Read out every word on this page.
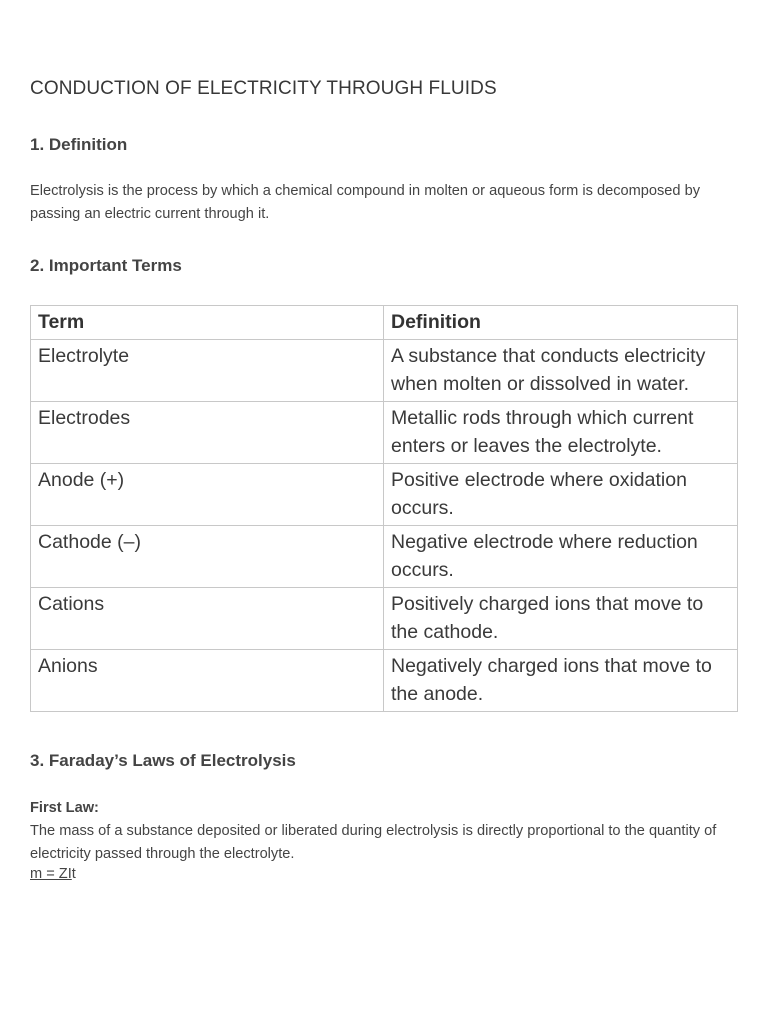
CONDUCTION OF ELECTRICITY THROUGH FLUIDS
1. Definition

Electrolysis is the process by which a chemical compound in molten or aqueous form is decomposed by passing an electric current through it.

2. Important Terms
Term	Definition
Electrolyte	A substance that conducts electricity when molten or dissolved in water.
Electrodes	Metallic rods through which current enters or leaves the electrolyte.
Anode (+)	Positive electrode where oxidation occurs.
Cathode (–)	Negative electrode where reduction occurs.
Cations	Positively charged ions that move to the cathode.
Anions	Negatively charged ions that move to the anode.
3. Faraday’s Laws of Electrolysis

First Law:

The mass of a substance deposited or liberated during electrolysis is directly proportional to the quantity of electricity passed through the electrolyte.

m = ZIt
